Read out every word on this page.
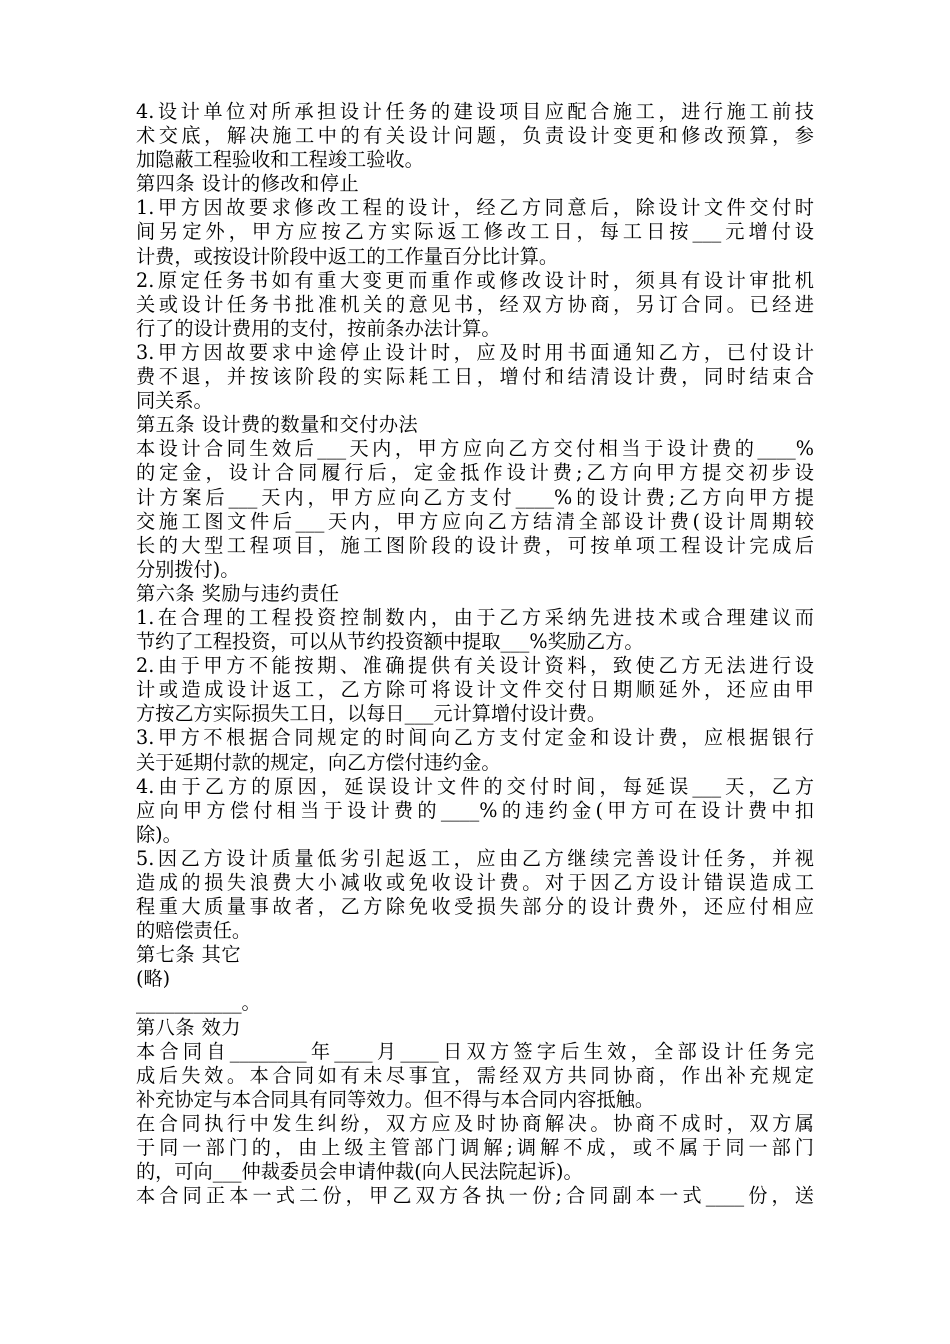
4.设计单位对所承担设计任务的建设项目应配合施工，进行施工前技
术交底，解决施工中的有关设计问题，负责设计变更和修改预算，参
加隐蔽工程验收和工程竣工验收。
第四条 设计的修改和停止
1.甲方因故要求修改工程的设计，经乙方同意后，除设计文件交付时
间另定外，甲方应按乙方实际返工修改工日，每工日按___元增付设
计费，或按设计阶段中返工的工作量百分比计算。
2.原定任务书如有重大变更而重作或修改设计时，须具有设计审批机
关或设计任务书批准机关的意见书，经双方协商，另订合同。已经进
行了的设计费用的支付，按前条办法计算。
3.甲方因故要求中途停止设计时，应及时用书面通知乙方，已付设计
费不退，并按该阶段的实际耗工日，增付和结清设计费，同时结束合
同关系。
第五条 设计费的数量和交付办法
本设计合同生效后___天内，甲方应向乙方交付相当于设计费的____%
的定金，设计合同履行后，定金抵作设计费;乙方向甲方提交初步设
计方案后___天内，甲方应向乙方支付____%的设计费;乙方向甲方提
交施工图文件后___天内，甲方应向乙方结清全部设计费(设计周期较
长的大型工程项目，施工图阶段的设计费，可按单项工程设计完成后
分别拨付)。
第六条 奖励与违约责任
1.在合理的工程投资控制数内，由于乙方采纳先进技术或合理建议而
节约了工程投资，可以从节约投资额中提取___%奖励乙方。
2.由于甲方不能按期、准确提供有关设计资料，致使乙方无法进行设
计或造成设计返工，乙方除可将设计文件交付日期顺延外，还应由甲
方按乙方实际损失工日，以每日___元计算增付设计费。
3.甲方不根据合同规定的时间向乙方支付定金和设计费，应根据银行
关于延期付款的规定，向乙方偿付违约金。
4.由于乙方的原因，延误设计文件的交付时间，每延误___天，乙方
应向甲方偿付相当于设计费的____%的违约金(甲方可在设计费中扣
除)。
5.因乙方设计质量低劣引起返工，应由乙方继续完善设计任务，并视
造成的损失浪费大小减收或免收设计费。对于因乙方设计错误造成工
程重大质量事故者，乙方除免收受损失部分的设计费外，还应付相应
的赔偿责任。
第七条 其它
(略)
___________。
第八条 效力
本合同自________年____月____日双方签字后生效，全部设计任务完
成后失效。本合同如有未尽事宜，需经双方共同协商，作出补充规定
补充协定与本合同具有同等效力。但不得与本合同内容抵触。
在合同执行中发生纠纷，双方应及时协商解决。协商不成时，双方属
于同一部门的，由上级主管部门调解;调解不成，或不属于同一部门
的，可向___仲裁委员会申请仲裁(向人民法院起诉)。
本合同正本一式二份，甲乙双方各执一份;合同副本一式____份，送
